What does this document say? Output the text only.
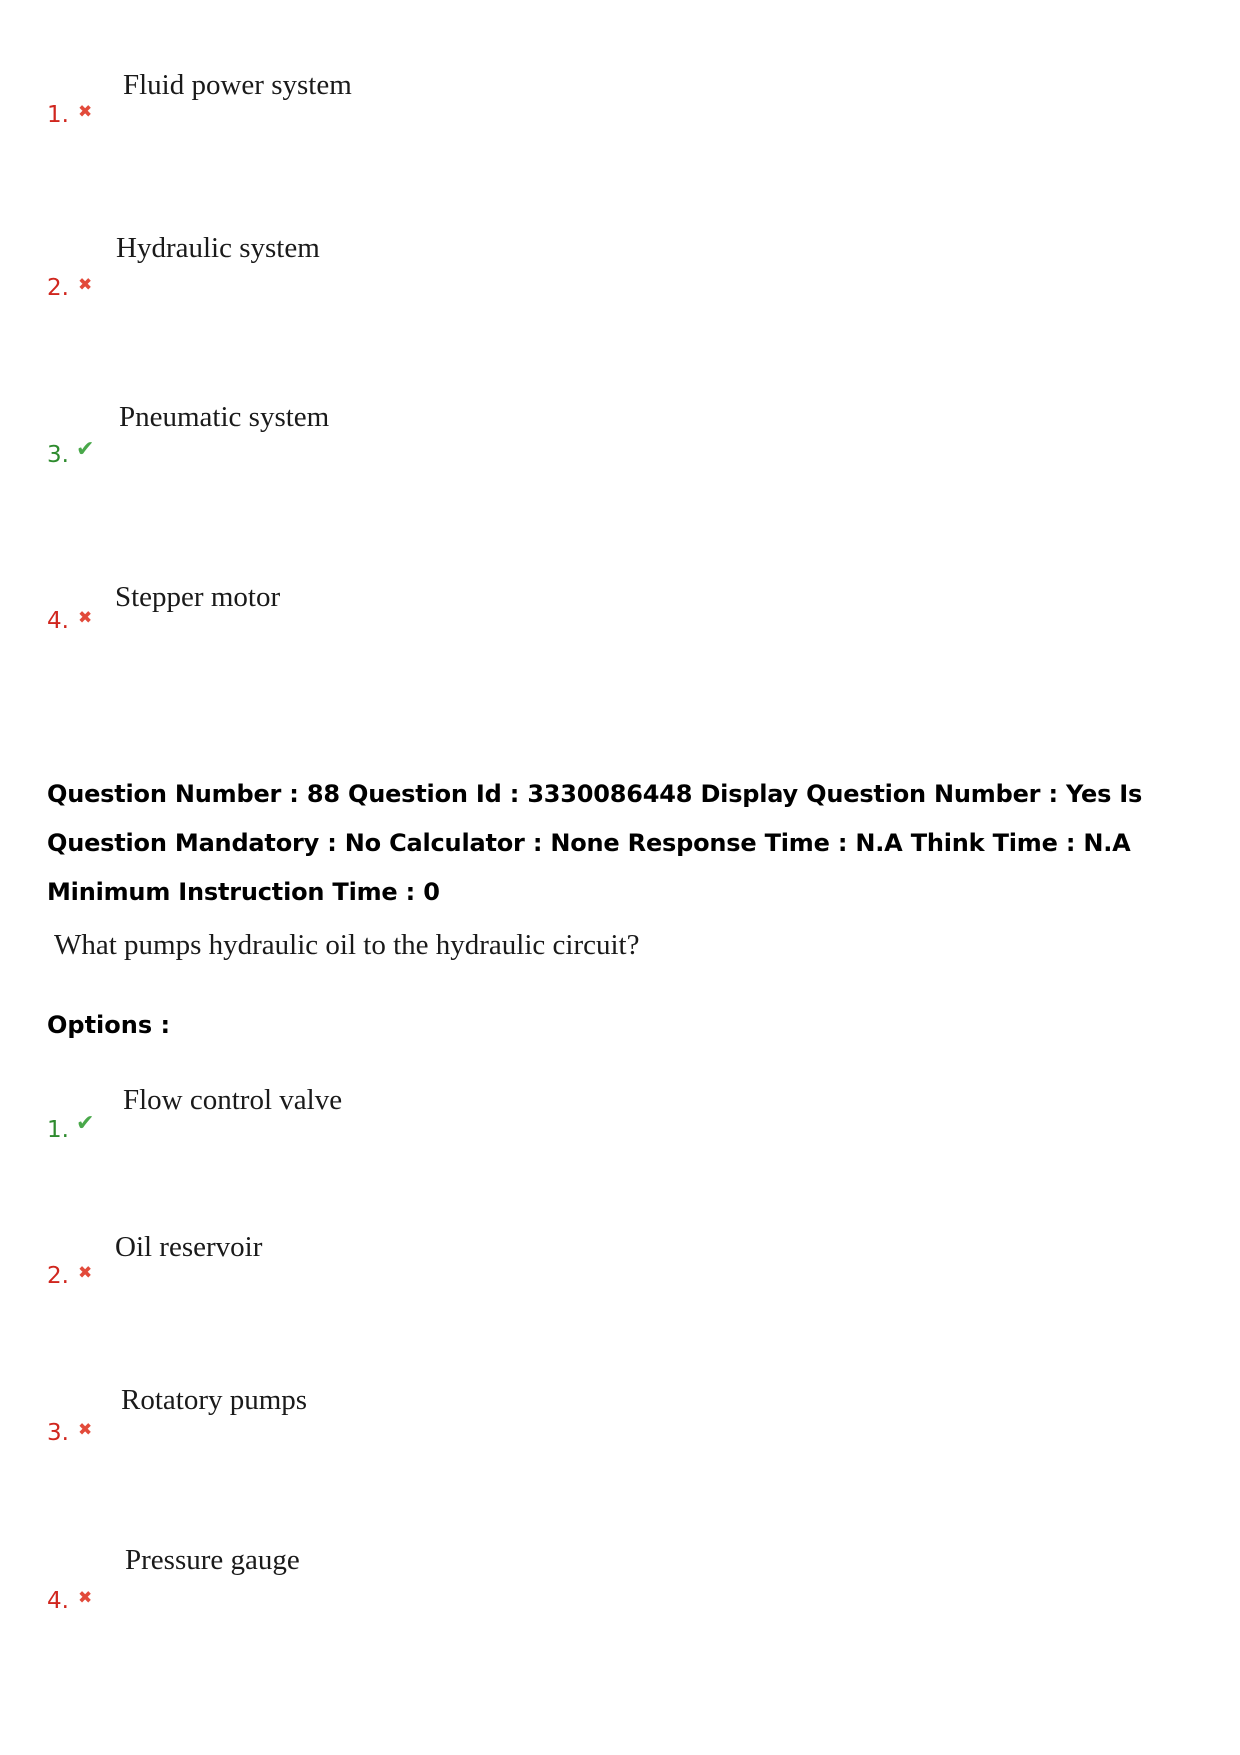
Fluid power system
1. ✖
Hydraulic system
2. ✖
Pneumatic system
3. ✔
Stepper motor
4. ✖
Question Number : 88 Question Id : 3330086448 Display Question Number : Yes Is Question Mandatory : No Calculator : None Response Time : N.A Think Time : N.A Minimum Instruction Time : 0
What pumps hydraulic oil to the hydraulic circuit?
Options :
Flow control valve
1. ✔
Oil reservoir
2. ✖
Rotatory pumps
3. ✖
Pressure gauge
4. ✖
